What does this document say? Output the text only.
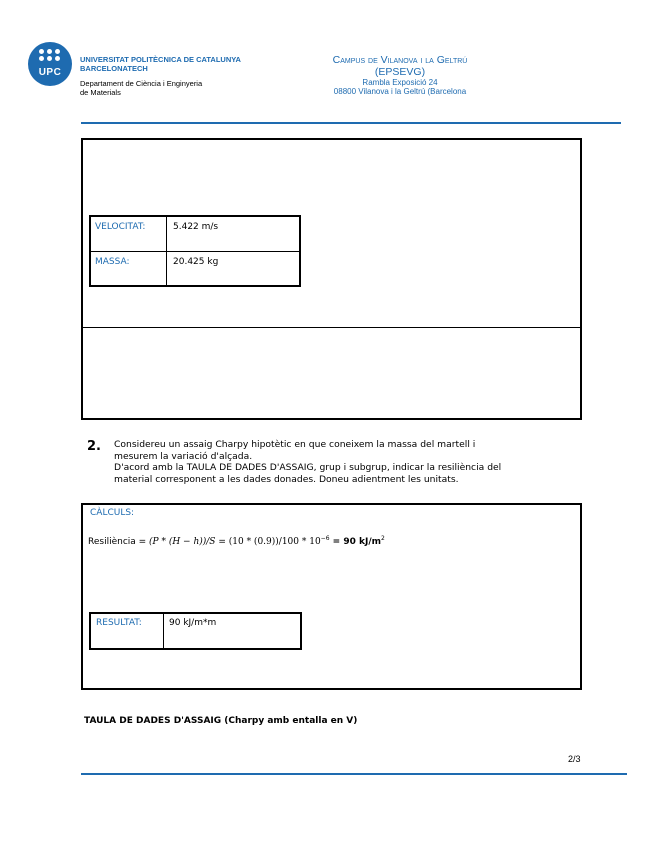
UPC
UNIVERSITAT POLITÈCNICA DE CATALUNYA
BARCELONATECH
Departament de Ciència i Enginyeria
de Materials
Campus de Vilanova i la Geltrú
(EPSEVG)
Rambla Exposició 24
08800 Vilanova i la Geltrú (Barcelona
VELOCITAT:	5.422 m/s
MASSA:	20.425 kg
2. Considereu un assaig Charpy hipotètic en que coneixem la massa del martell i
mesurem la variació d'alçada.
D'acord amb la TAULA DE DADES D'ASSAIG, grup i subgrup, indicar la resiliència del
material corresponent a les dades donades. Doneu adientment les unitats.
CÀLCULS:
Resiliència = $(P * (H - h))/S = (10 * (0.9))/100 * 10^{-6} = 90$ $kJ/m^2$
RESULTAT:	90 kJ/m*m
TAULA DE DADES D'ASSAIG (Charpy amb entalla en V)
2/3
